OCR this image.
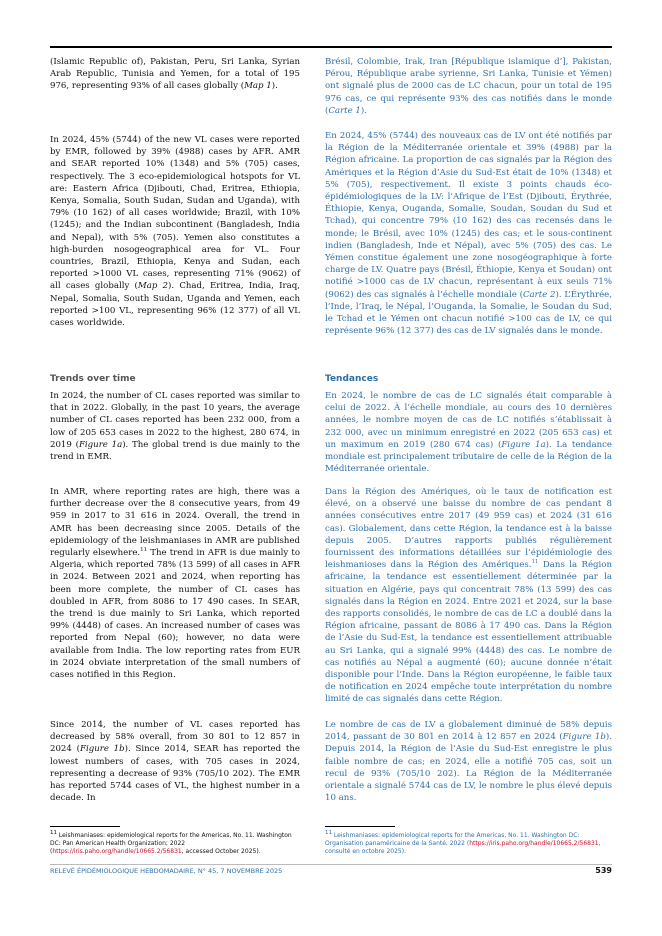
(Islamic Republic of), Pakistan, Peru, Sri Lanka, Syrian Arab Republic, Tunisia and Yemen, for a total of 195 976, representing 93% of all cases globally (Map 1).

In 2024, 45% (5744) of the new VL cases were reported by EMR, followed by 39% (4988) cases by AFR. AMR and SEAR reported 10% (1348) and 5% (705) cases, respectively. The 3 eco-epidemiological hotspots for VL are: Eastern Africa (Djibouti, Chad, Eritrea, Ethiopia, Kenya, Somalia, South Sudan, Sudan and Uganda), with 79% (10 162) of all cases worldwide; Brazil, with 10% (1245); and the Indian subcontinent (Bangladesh, India and Nepal), with 5% (705). Yemen also constitutes a high-burden nosogeographical area for VL. Four countries, Brazil, Ethiopia, Kenya and Sudan, each reported >1000 VL cases, representing 71% (9062) of all cases globally (Map 2). Chad, Eritrea, India, Iraq, Nepal, Somalia, South Sudan, Uganda and Yemen, each reported >100 VL, representing 96% (12 377) of all VL cases worldwide.

Trends over time

In 2024, the number of CL cases reported was similar to that in 2022. Globally, in the past 10 years, the average number of CL cases reported has been 232 000, from a low of 205 653 cases in 2022 to the highest, 280 674, in 2019 (Figure 1a). The global trend is due mainly to the trend in EMR.

In AMR, where reporting rates are high, there was a further decrease over the 8 consecutive years, from 49 959 in 2017 to 31 616 in 2024. Overall, the trend in AMR has been decreasing since 2005. Details of the epidemiology of the leishmaniases in AMR are published regularly elsewhere.$^{11}$ The trend in AFR is due mainly to Algeria, which reported 78% (13 599) of all cases in AFR in 2024. Between 2021 and 2024, when reporting has been more complete, the number of CL cases has doubled in AFR, from 8086 to 17 490 cases. In SEAR, the trend is due mainly to Sri Lanka, which reported 99% (4448) of cases. An increased number of cases was reported from Nepal (60); however, no data were available from India. The low reporting rates from EUR in 2024 obviate interpretation of the small numbers of cases notified in this Region.

Since 2014, the number of VL cases reported has decreased by 58% overall, from 30 801 to 12 857 in 2024 (Figure 1b). Since 2014, SEAR has reported the lowest numbers of cases, with 705 cases in 2024, representing a decrease of 93% (705/10 202). The EMR has reported 5744 cases of VL, the highest number in a decade. In

Brésil, Colombie, Irak, Iran [République islamique d’], Pakistan, Pérou, République arabe syrienne, Sri Lanka, Tunisie et Yémen) ont signalé plus de 2000 cas de LC chacun, pour un total de 195 976 cas, ce qui représente 93% des cas notifiés dans le monde (Carte 1).

En 2024, 45% (5744) des nouveaux cas de LV ont été notifiés par la Région de la Méditerranée orientale et 39% (4988) par la Région africaine. La proportion de cas signalés par la Région des Amériques et la Région d’Asie du Sud-Est était de 10% (1348) et 5% (705), respectivement. Il existe 3 points chauds éco-épidémiologiques de la LV: l’Afrique de l’Est (Djibouti, Érythrée, Éthiopie, Kenya, Ouganda, Somalie, Soudan, Soudan du Sud et Tchad), qui concentre 79% (10 162) des cas recensés dans le monde; le Brésil, avec 10% (1245) des cas; et le sous-continent indien (Bangladesh, Inde et Népal), avec 5% (705) des cas. Le Yémen constitue également une zone nosogéographique à forte charge de LV. Quatre pays (Brésil, Éthiopie, Kenya et Soudan) ont notifié >1000 cas de LV chacun, représentant à eux seuls 71% (9062) des cas signalés à l’échelle mondiale (Carte 2). L’Érythrée, l’Inde, l’Iraq, le Népal, l’Ouganda, la Somalie, le Soudan du Sud, le Tchad et le Yémen ont chacun notifié >100 cas de LV, ce qui représente 96% (12 377) des cas de LV signalés dans le monde.

Tendances

En 2024, le nombre de cas de LC signalés était comparable à celui de 2022. À l’échelle mondiale, au cours des 10 dernières années, le nombre moyen de cas de LC notifiés s’établissait à 232 000, avec un minimum enregistré en 2022 (205 653 cas) et un maximum en 2019 (280 674 cas) (Figure 1a). La tendance mondiale est principalement tributaire de celle de la Région de la Méditerranée orientale.

Dans la Région des Amériques, où le taux de notification est élevé, on a observé une baisse du nombre de cas pendant 8 années consécutives entre 2017 (49 959 cas) et 2024 (31 616 cas). Globalement, dans cette Région, la tendance est à la baisse depuis 2005. D’autres rapports publiés régulièrement fournissent des informations détaillées sur l’épidémiologie des leishmanioses dans la Région des Amériques.$^{11}$ Dans la Région africaine, la tendance est essentiellement déterminée par la situation en Algérie, pays qui concentrait 78% (13 599) des cas signalés dans la Région en 2024. Entre 2021 et 2024, sur la base des rapports consolidés, le nombre de cas de LC a doublé dans la Région africaine, passant de 8086 à 17 490 cas. Dans la Région de l’Asie du Sud-Est, la tendance est essentiellement attribuable au Sri Lanka, qui a signalé 99% (4448) des cas. Le nombre de cas notifiés au Népal a augmenté (60); aucune donnée n’était disponible pour l’Inde. Dans la Région européenne, le faible taux de notification en 2024 empêche toute interprétation du nombre limité de cas signalés dans cette Région.

Le nombre de cas de LV a globalement diminué de 58% depuis 2014, passant de 30 801 en 2014 à 12 857 en 2024 (Figure 1b). Depuis 2014, la Région de l’Asie du Sud-Est enregistre le plus faible nombre de cas; en 2024, elle a notifié 705 cas, soit un recul de 93% (705/10 202). La Région de la Méditerranée orientale a signalé 5744 cas de LV, le nombre le plus élevé depuis 10 ans.

$^{11}$ Leishmaniases: epidemiological reports for the Americas, No. 11. Washington DC: Pan American Health Organization; 2022 (https://iris.paho.org/handle/10665.2/56831, accessed October 2025).
$^{11}$ Leishmaniases: epidemiological reports for the Americas, No. 11. Washington DC: Organisation panaméricaine de la Santé, 2022 (https://iris.paho.org/handle/10665.2/56831, consulté en octobre 2025).
RELEVÉ ÉPIDÉMIOLOGIQUE HEBDOMADAIRE, N° 45, 7 NOVEMBRE 2025	539
